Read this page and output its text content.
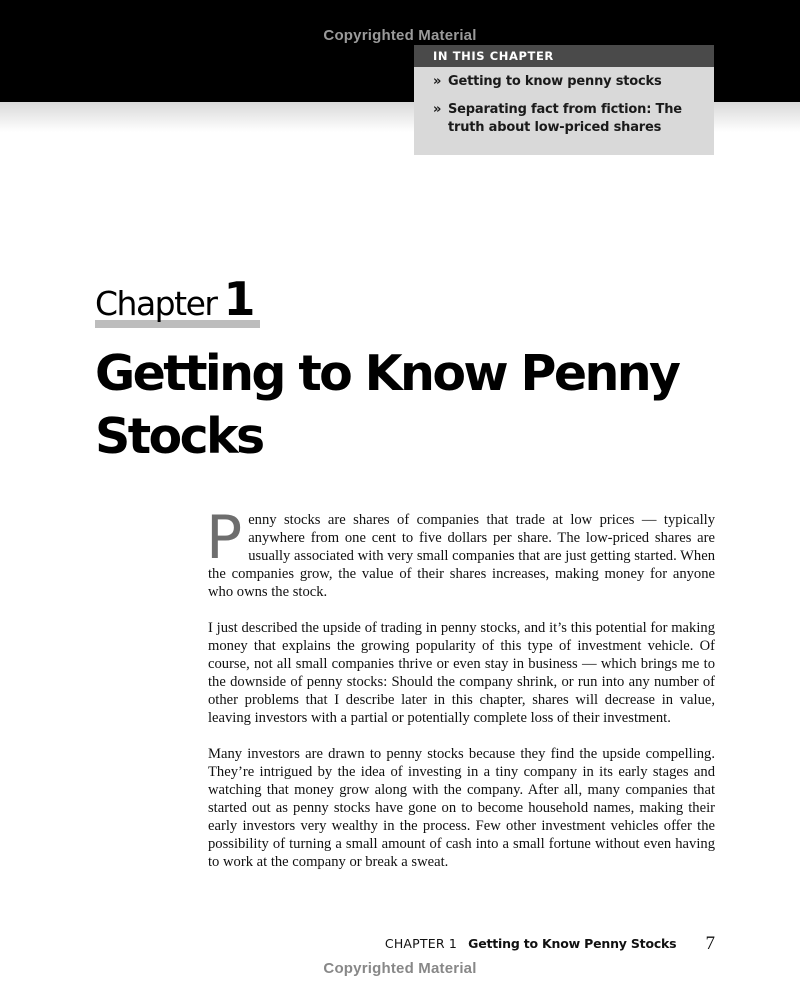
Copyrighted Material
IN THIS CHAPTER
» Getting to know penny stocks
» Separating fact from fiction: The truth about low-priced shares
Chapter 1
Getting to Know Penny Stocks

Penny stocks are shares of companies that trade at low prices — typically anywhere from one cent to five dollars per share. The low-priced shares are usually associated with very small companies that are just getting started. When the companies grow, the value of their shares increases, making money for anyone who owns the stock.

I just described the upside of trading in penny stocks, and it’s this potential for making money that explains the growing popularity of this type of investment vehicle. Of course, not all small companies thrive or even stay in business — which brings me to the downside of penny stocks: Should the company shrink, or run into any number of other problems that I describe later in this chapter, shares will decrease in value, leaving investors with a partial or potentially complete loss of their investment.

Many investors are drawn to penny stocks because they find the upside compelling. They’re intrigued by the idea of investing in a tiny company in its early stages and watching that money grow along with the company. After all, many companies that started out as penny stocks have gone on to become household names, making their early investors very wealthy in the process. Few other investment vehicles offer the possibility of turning a small amount of cash into a small fortune without even having to work at the company or break a sweat.

CHAPTER 1 Getting to Know Penny Stocks 7
Copyrighted Material
